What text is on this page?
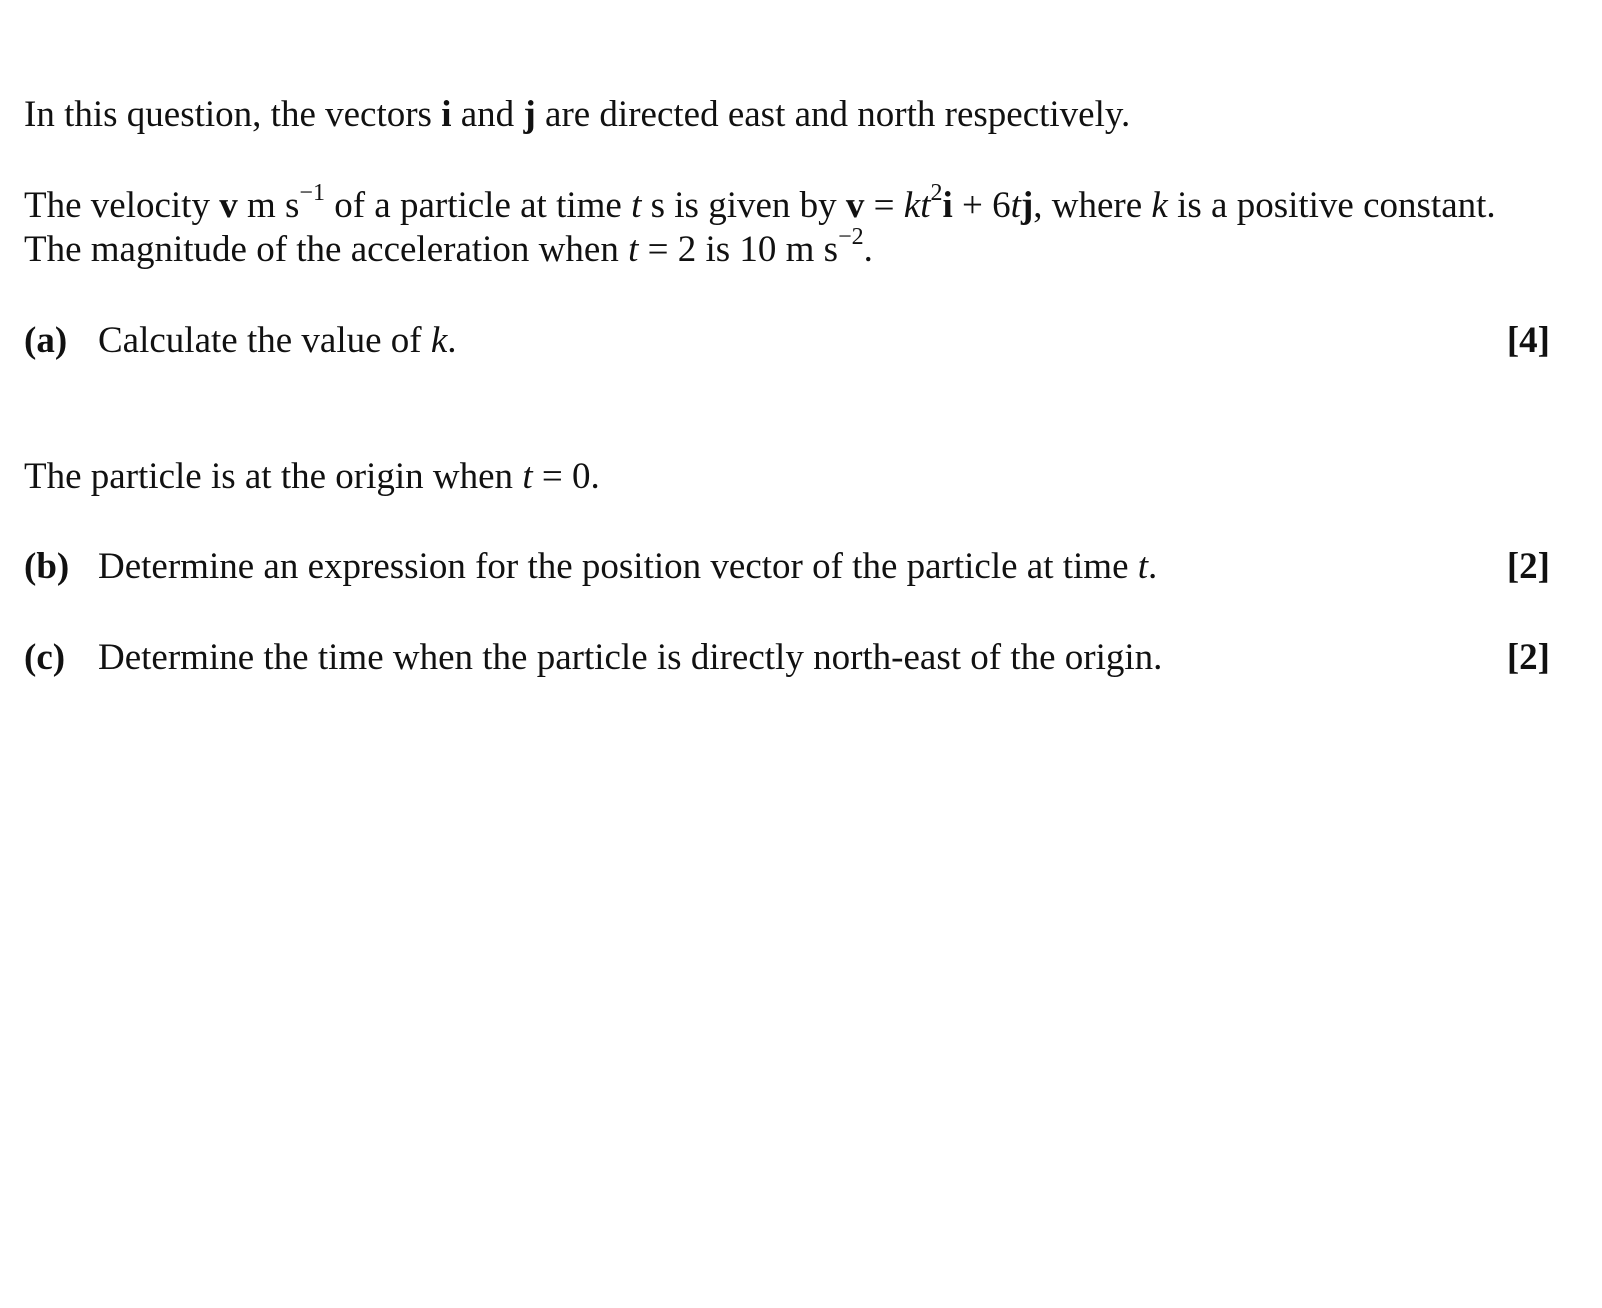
In this question, the vectors i and j are directed east and north respectively.
The velocity v m $s^{-1}$ of a particle at time t s is given by $v = kt^2i + 6tj$, where k is a positive constant.
The magnitude of the acceleration when t = 2 is 10 m $s^{-2}$.
(a) Calculate the value of k.	[4]
The particle is at the origin when t = 0.
(b) Determine an expression for the position vector of the particle at time t.	[2]
(c) Determine the time when the particle is directly north-east of the origin.	[2]
